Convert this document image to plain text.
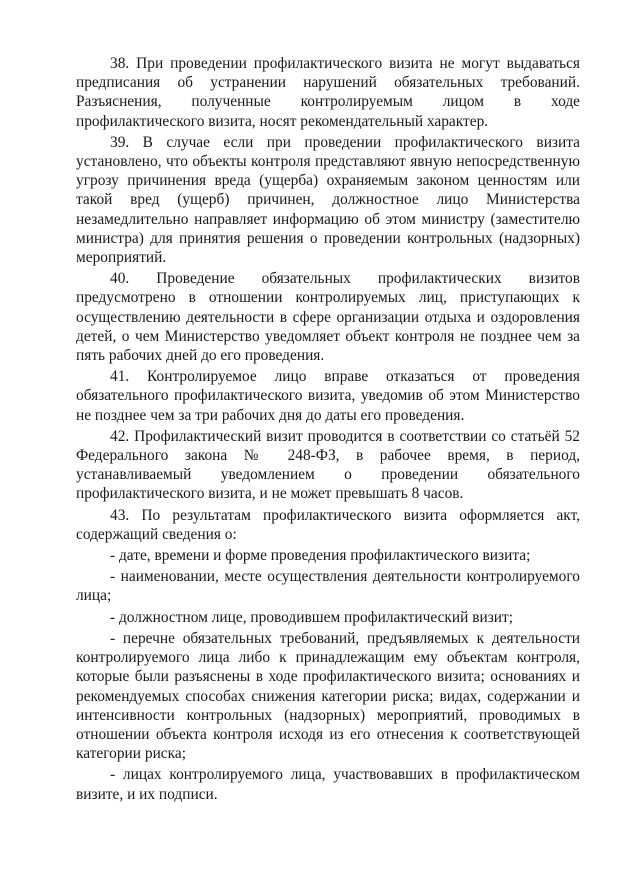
38. При проведении профилактического визита не могут выдаваться предписания об устранении нарушений обязательных требований. Разъяснения, полученные контролируемым лицом в ходе профилактического визита, носят рекомендательный характер.

39. В случае если при проведении профилактического визита установлено, что объекты контроля представляют явную непосредственную угрозу причинения вреда (ущерба) охраняемым законом ценностям или такой вред (ущерб) причинен, должностное лицо Министерства незамедлительно направляет информацию об этом министру (заместителю министра) для принятия решения о проведении контрольных (надзорных) мероприятий.

40. Проведение обязательных профилактических визитов предусмотрено в отношении контролируемых лиц, приступающих к осуществлению деятельности в сфере организации отдыха и оздоровления детей, о чем Министерство уведомляет объект контроля не позднее чем за пять рабочих дней до его проведения.

41. Контролируемое лицо вправе отказаться от проведения обязательного профилактического визита, уведомив об этом Министерство не позднее чем за три рабочих дня до даты его проведения.

42. Профилактический визит проводится в соответствии со статьёй 52 Федерального закона № 248-ФЗ, в рабочее время, в период, устанавливаемый уведомлением о проведении обязательного профилактического визита, и не может превышать 8 часов.

43. По результатам профилактического визита оформляется акт, содержащий сведения о:

- дате, времени и форме проведения профилактического визита;

- наименовании, месте осуществления деятельности контролируемого лица;

- должностном лице, проводившем профилактический визит;

- перечне обязательных требований, предъявляемых к деятельности контролируемого лица либо к принадлежащим ему объектам контроля, которые были разъяснены в ходе профилактического визита; основаниях и рекомендуемых способах снижения категории риска; видах, содержании и интенсивности контрольных (надзорных) мероприятий, проводимых в отношении объекта контроля исходя из его отнесения к соответствующей категории риска;

- лицах контролируемого лица, участвовавших в профилактическом визите, и их подписи.
